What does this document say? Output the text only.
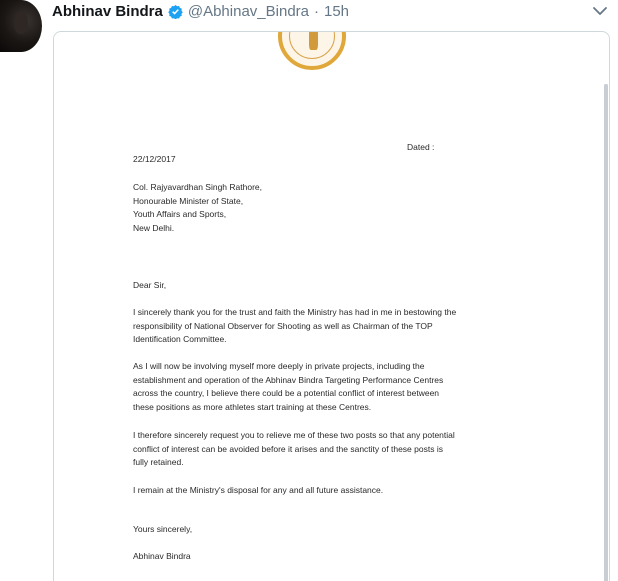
Abhinav Bindra @Abhinav_Bindra · 15h
Dated :
22/12/2017
Col. Rajyavardhan Singh Rathore,
Honourable Minister of State,
Youth Affairs and Sports,
New Delhi.
Dear Sir,
I sincerely thank you for the trust and faith the Ministry has had in me in bestowing the
responsibility of National Observer for Shooting as well as Chairman of the TOP
Identification Committee.
As I will now be involving myself more deeply in private projects, including the
establishment and operation of the Abhinav Bindra Targeting Performance Centres
across the country, I believe there could be a potential conflict of interest between
these positions as more athletes start training at these Centres.
I therefore sincerely request you to relieve me of these two posts so that any potential
conflict of interest can be avoided before it arises and the sanctity of these posts is
fully retained.
I remain at the Ministry's disposal for any and all future assistance.
Yours sincerely,
Abhinav Bindra
